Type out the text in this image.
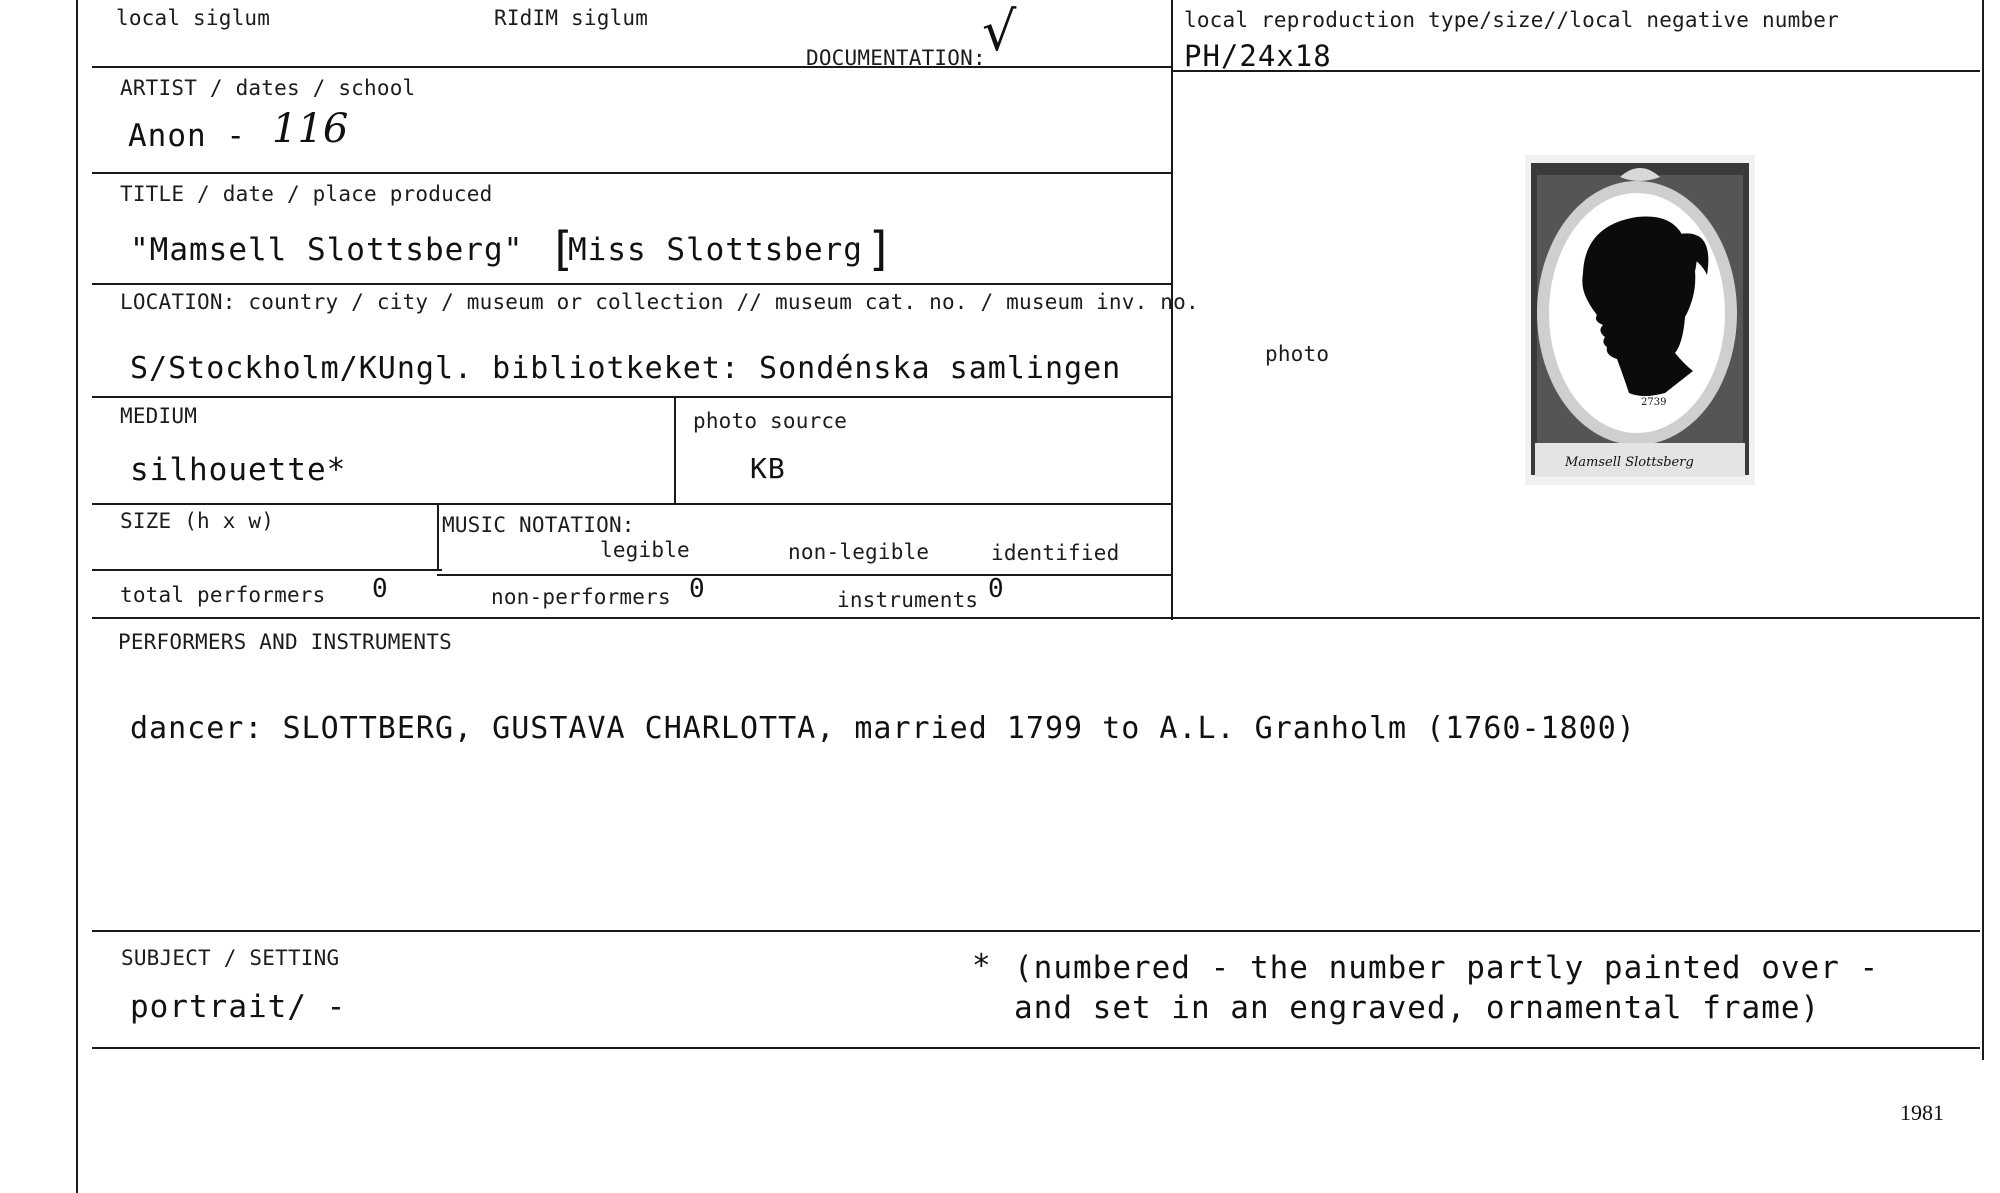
local siglum	RIdIM siglum
DOCUMENTATION:
√	local reproduction type/size//local negative number
PH/24x18
ARTIST / dates / school
Anon - 116
TITLE / date / place produced
"Mamsell Slottsberg" [
Miss Slottsberg ]
LOCATION: country / city / museum or collection // museum cat. no. / museum inv. no.
S/Stockholm/KUngl. bibliotkeket: Sondénska samlingen	photo
2739
Mamsell Slottsberg
MEDIUM
silhouette*
photo source
KB
SIZE (h x w)	MUSIC NOTATION:
legible	non-legible	identified
total performers 0	non-performers 0	instruments 0
PERFORMERS AND INSTRUMENTS
dancer: SLOTTBERG, GUSTAVA CHARLOTTA, married 1799 to A.L. Granholm (1760-1800)
SUBJECT / SETTING
portrait/ -
* (numbered - the number partly painted over -
and set in an engraved, ornamental frame)
1981
